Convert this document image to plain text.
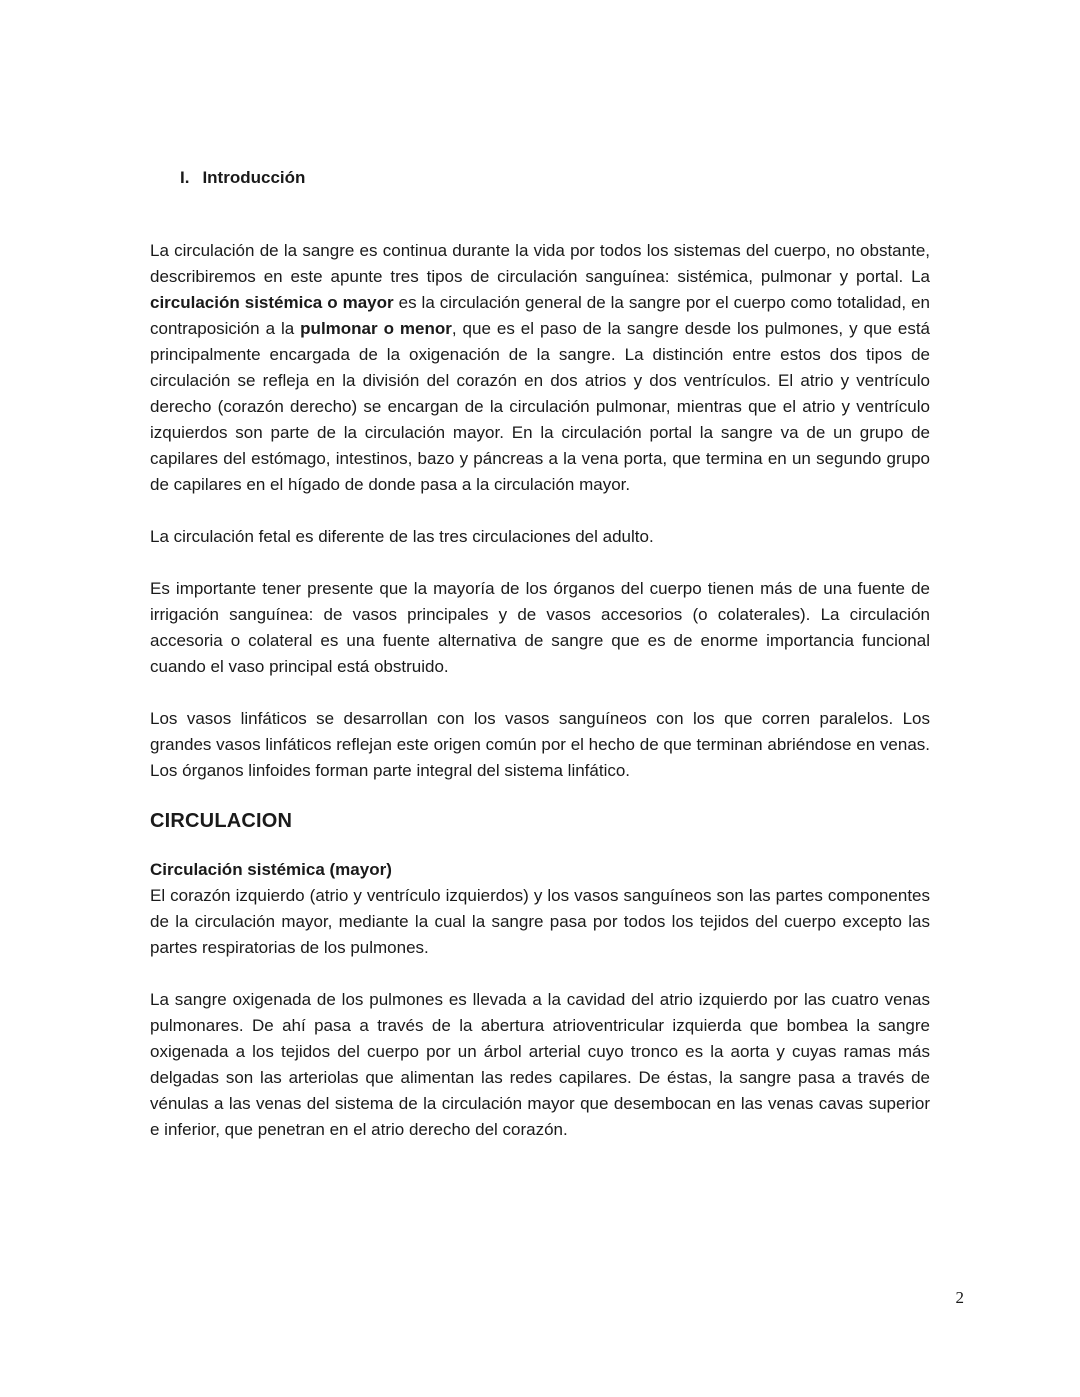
I. Introducción

La circulación de la sangre es continua durante la vida por todos los sistemas del cuerpo, no obstante, describiremos en este apunte tres tipos de circulación sanguínea: sistémica, pulmonar y portal. La circulación sistémica o mayor es la circulación general de la sangre por el cuerpo como totalidad, en contraposición a la pulmonar o menor, que es el paso de la sangre desde los pulmones, y que está principalmente encargada de la oxigenación de la sangre. La distinción entre estos dos tipos de circulación se refleja en la división del corazón en dos atrios y dos ventrículos. El atrio y ventrículo derecho (corazón derecho) se encargan de la circulación pulmonar, mientras que el atrio y ventrículo izquierdos son parte de la circulación mayor. En la circulación portal la sangre va de un grupo de capilares del estómago, intestinos, bazo y páncreas a la vena porta, que termina en un segundo grupo de capilares en el hígado de donde pasa a la circulación mayor.

La circulación fetal es diferente de las tres circulaciones del adulto.

Es importante tener presente que la mayoría de los órganos del cuerpo tienen más de una fuente de irrigación sanguínea: de vasos principales y de vasos accesorios (o colaterales). La circulación accesoria o colateral es una fuente alternativa de sangre que es de enorme importancia funcional cuando el vaso principal está obstruido.

Los vasos linfáticos se desarrollan con los vasos sanguíneos con los que corren paralelos. Los grandes vasos linfáticos reflejan este origen común por el hecho de que terminan abriéndose en venas. Los órganos linfoides forman parte integral del sistema linfático.

CIRCULACION
Circulación sistémica (mayor)

El corazón izquierdo (atrio y ventrículo izquierdos) y los vasos sanguíneos son las partes componentes de la circulación mayor, mediante la cual la sangre pasa por todos los tejidos del cuerpo excepto las partes respiratorias de los pulmones.

La sangre oxigenada de los pulmones es llevada a la cavidad del atrio izquierdo por las cuatro venas pulmonares. De ahí pasa a través de la abertura atrioventricular izquierda que bombea la sangre oxigenada a los tejidos del cuerpo por un árbol arterial cuyo tronco es la aorta y cuyas ramas más delgadas son las arteriolas que alimentan las redes capilares. De éstas, la sangre pasa a través de vénulas a las venas del sistema de la circulación mayor que desembocan en las venas cavas superior e inferior, que penetran en el atrio derecho del corazón.

2
